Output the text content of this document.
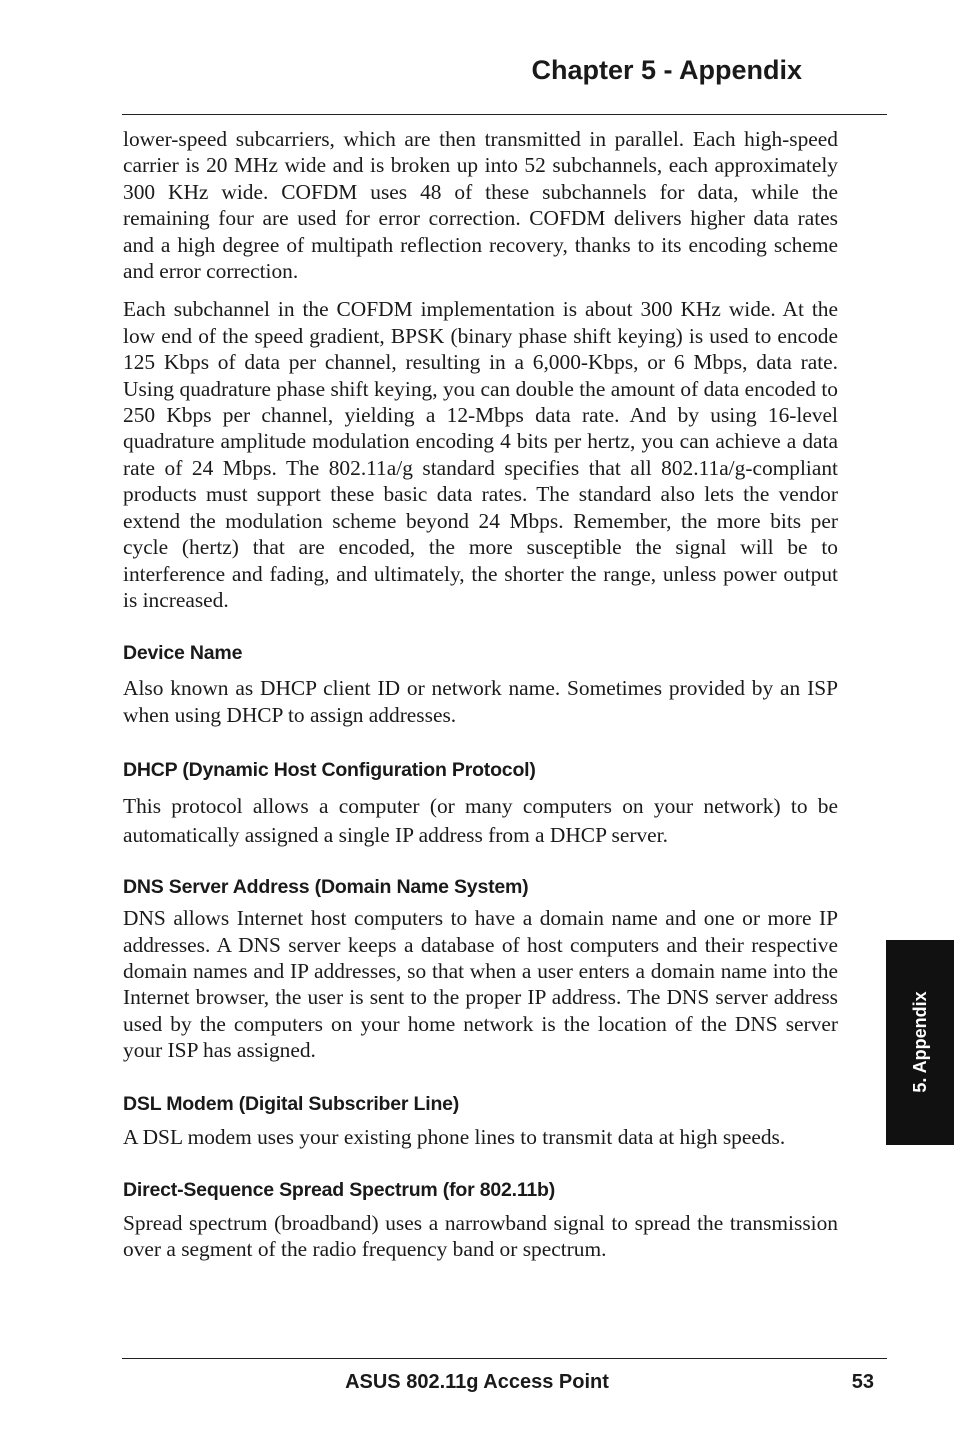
Chapter 5 - Appendix

lower-speed subcarriers, which are then transmitted in parallel. Each high-speed carrier is 20 MHz wide and is broken up into 52 subchannels, each approximately 300 KHz wide. COFDM uses 48 of these subchannels for data, while the remaining four are used for error correction. COFDM delivers higher data rates and a high degree of multipath reflection recovery, thanks to its encoding scheme and error correction.

Each subchannel in the COFDM implementation is about 300 KHz wide. At the low end of the speed gradient, BPSK (binary phase shift keying) is used to encode 125 Kbps of data per channel, resulting in a 6,000-Kbps, or 6 Mbps, data rate. Using quadrature phase shift keying, you can double the amount of data encoded to 250 Kbps per channel, yielding a 12-Mbps data rate. And by using 16-level quadrature amplitude modulation encoding 4 bits per hertz, you can achieve a data rate of 24 Mbps. The 802.11a/g standard specifies that all 802.11a/g-compliant products must support these basic data rates. The standard also lets the vendor extend the modulation scheme beyond 24 Mbps. Remember, the more bits per cycle (hertz) that are encoded, the more susceptible the signal will be to interference and fading, and ultimately, the shorter the range, unless power output is increased.

Device Name

Also known as DHCP client ID or network name. Sometimes provided by an ISP when using DHCP to assign addresses.

DHCP (Dynamic Host Configuration Protocol)

This protocol allows a computer (or many computers on your network) to be automatically assigned a single IP address from a DHCP server.

DNS Server Address (Domain Name System)

DNS allows Internet host computers to have a domain name and one or more IP addresses. A DNS server keeps a database of host computers and their respective domain names and IP addresses, so that when a user enters a domain name into the Internet browser, the user is sent to the proper IP address. The DNS server address used by the computers on your home network is the location of the DNS server your ISP has assigned.

DSL Modem (Digital Subscriber Line)

A DSL modem uses your existing phone lines to transmit data at high speeds.

Direct-Sequence Spread Spectrum (for 802.11b)

Spread spectrum (broadband) uses a narrowband signal to spread the transmission over a segment of the radio frequency band or spectrum.

5. Appendix
ASUS 802.11g Access Point	53
